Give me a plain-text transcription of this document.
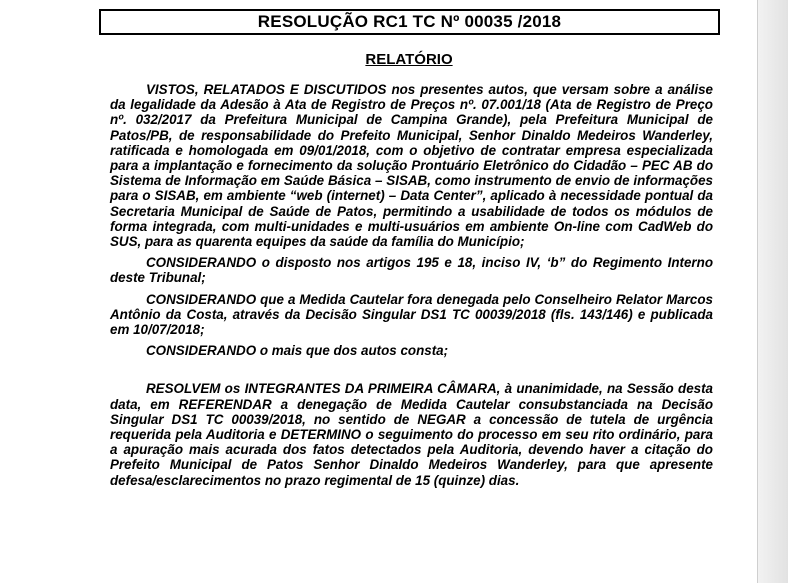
RESOLUÇÃO RC1 TC Nº 00035 /2018
RELATÓRIO

VISTOS, RELATADOS E DISCUTIDOS nos presentes autos, que versam sobre a análise da legalidade da Adesão à Ata de Registro de Preços nº. 07.001/18 (Ata de Registro de Preço nº. 032/2017 da Prefeitura Municipal de Campina Grande), pela Prefeitura Municipal de Patos/PB, de responsabilidade do Prefeito Municipal, Senhor Dinaldo Medeiros Wanderley, ratificada e homologada em 09/01/2018, com o objetivo de contratar empresa especializada para a implantação e fornecimento da solução Prontuário Eletrônico do Cidadão – PEC AB do Sistema de Informação em Saúde Básica – SISAB, como instrumento de envio de informações para o SISAB, em ambiente “web (internet) – Data Center”, aplicado à necessidade pontual da Secretaria Municipal de Saúde de Patos, permitindo a usabilidade de todos os módulos de forma integrada, com multi-unidades e multi-usuários em ambiente On-line com CadWeb do SUS, para as quarenta equipes da saúde da família do Município;

CONSIDERANDO o disposto nos artigos 195 e 18, inciso IV, ‘b” do Regimento Interno deste Tribunal;

CONSIDERANDO que a Medida Cautelar fora denegada pelo Conselheiro Relator Marcos Antônio da Costa, através da Decisão Singular DS1 TC 00039/2018 (fls. 143/146) e publicada em 10/07/2018;

CONSIDERANDO o mais que dos autos consta;

RESOLVEM os INTEGRANTES DA PRIMEIRA CÂMARA, à unanimidade, na Sessão desta data, em REFERENDAR a denegação de Medida Cautelar consubstanciada na Decisão Singular DS1 TC 00039/2018, no sentido de NEGAR a concessão de tutela de urgência requerida pela Auditoria e DETERMINO o seguimento do processo em seu rito ordinário, para a apuração mais acurada dos fatos detectados pela Auditoria, devendo haver a citação do Prefeito Municipal de Patos Senhor Dinaldo Medeiros Wanderley, para que apresente defesa/esclarecimentos no prazo regimental de 15 (quinze) dias.
